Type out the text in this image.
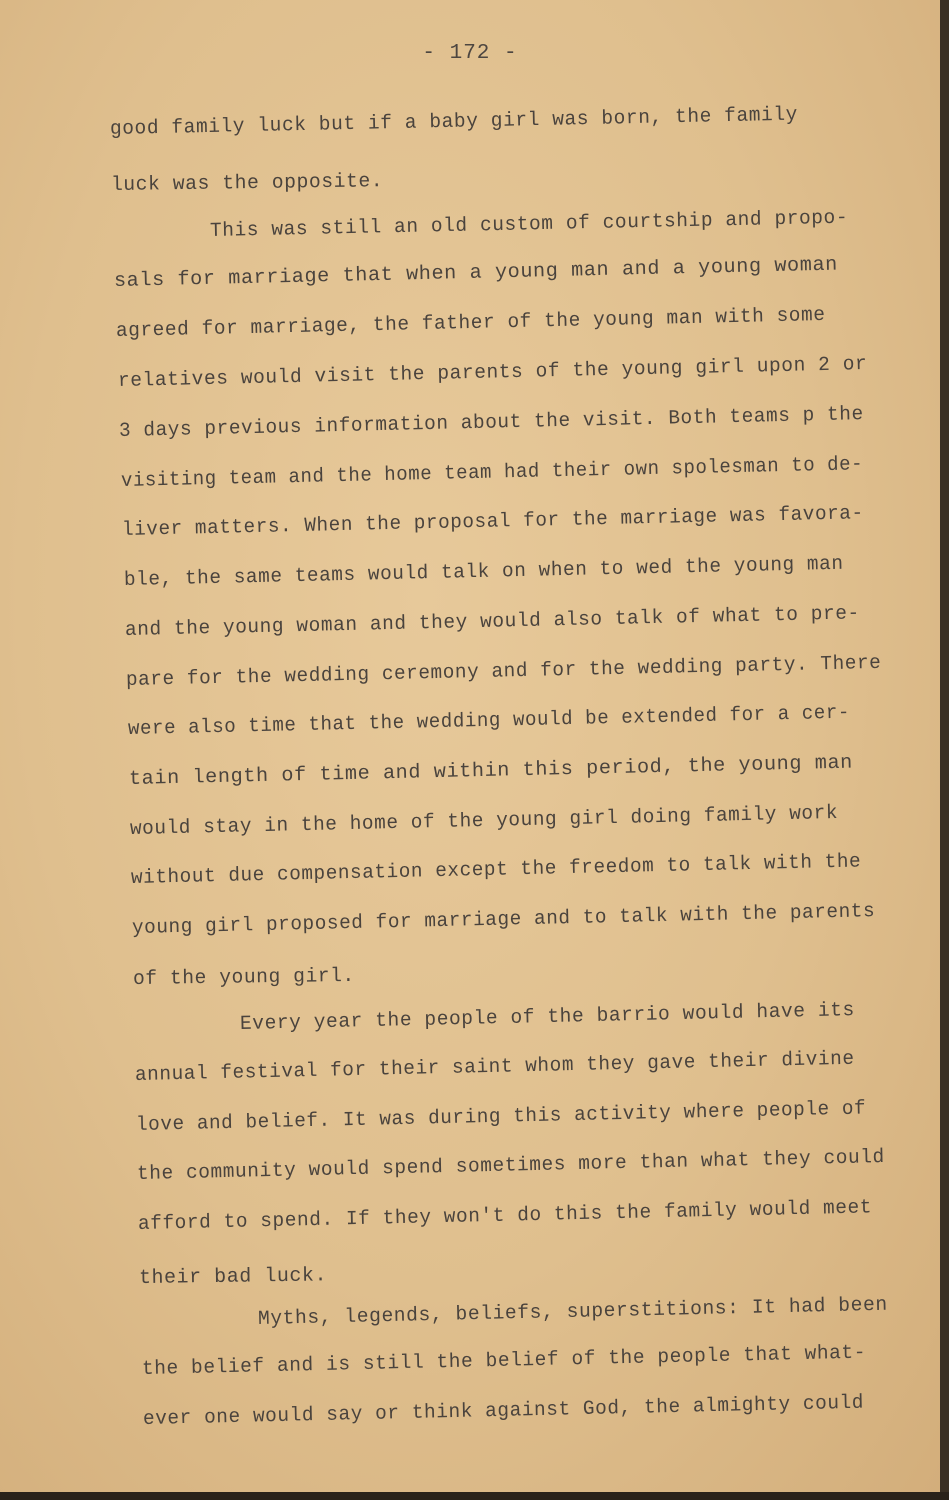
- 172 -
good family luck but if a baby girl was born, the family
luck was the opposite.
This was still an old custom of courtship and propo-
sals for marriage that when a young man and a young woman
agreed for marriage, the father of the young man with some
relatives would visit the parents of the young girl upon 2 or
3 days previous information about the visit. Both teams p the
visiting team and the home team had their own spolesman to de-
liver matters. When the proposal for the marriage was favora-
ble, the same teams would talk on when to wed the young man
and the young woman and they would also talk of what to pre-
pare for the wedding ceremony and for the wedding party. There
were also time that the wedding would be extended for a cer-
tain length of time and within this period, the young man
would stay in the home of the young girl doing family work
without due compensation except the freedom to talk with the
young girl proposed for marriage and to talk with the parents
of the young girl.
Every year the people of the barrio would have its
annual festival for their saint whom they gave their divine
love and belief. It was during this activity where people of
the community would spend sometimes more than what they could
afford to spend. If they won't do this the family would meet
their bad luck.
Myths, legends, beliefs, superstitions: It had been
the belief and is still the belief of the people that what-
ever one would say or think against God, the almighty could
